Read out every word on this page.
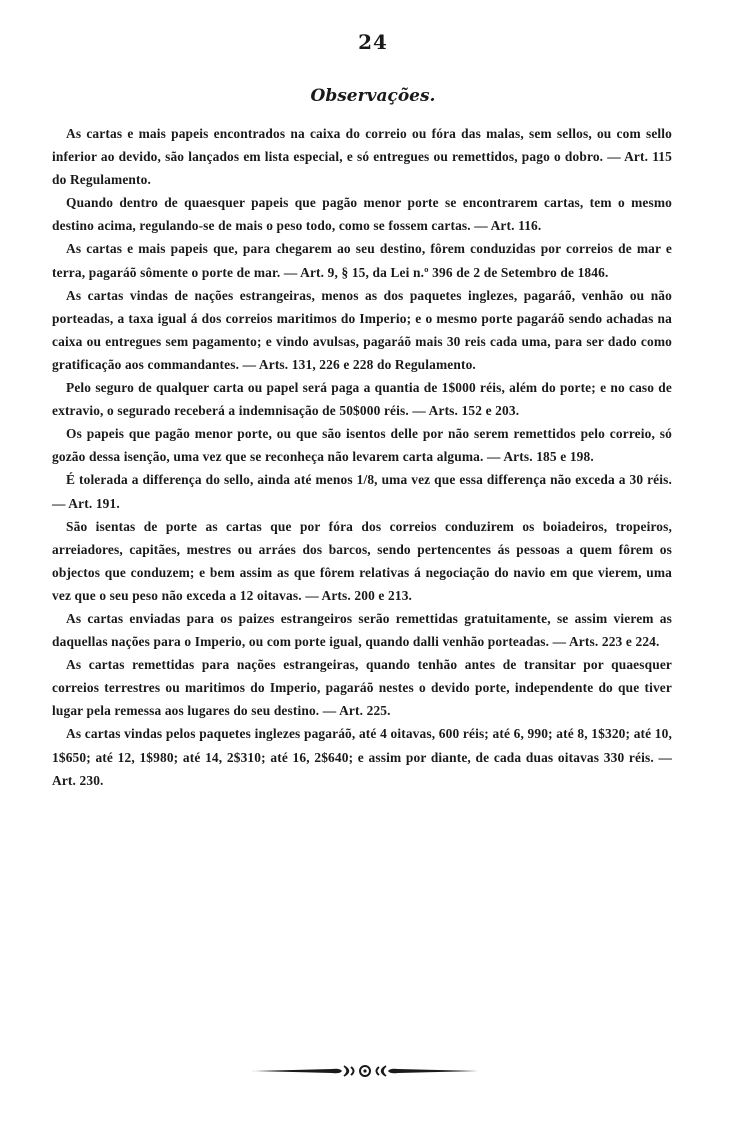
24
Observações.

As cartas e mais papeis encontrados na caixa do correio ou fóra das malas, sem sellos, ou com sello inferior ao devido, são lançados em lista especial, e só entregues ou remettidos, pago o dobro. — Art. 115 do Regulamento.

Quando dentro de quaesquer papeis que pagão menor porte se encontrarem cartas, tem o mesmo destino acima, regulando-se de mais o peso todo, como se fossem cartas. — Art. 116.

As cartas e mais papeis que, para chegarem ao seu destino, fôrem conduzidas por correios de mar e terra, pagaráõ sômente o porte de mar. — Art. 9, § 15, da Lei n.º 396 de 2 de Setembro de 1846.

As cartas vindas de nações estrangeiras, menos as dos paquetes inglezes, pagaráõ, venhão ou não porteadas, a taxa igual á dos correios maritimos do Imperio; e o mesmo porte pagaráõ sendo achadas na caixa ou entregues sem pagamento; e vindo avulsas, pagaráõ mais 30 reis cada uma, para ser dado como gratificação aos commandantes. — Arts. 131, 226 e 228 do Regulamento.

Pelo seguro de qualquer carta ou papel será paga a quantia de 1$000 réis, além do porte; e no caso de extravio, o segurado receberá a indemnisação de 50$000 réis. — Arts. 152 e 203.

Os papeis que pagão menor porte, ou que são isentos delle por não serem remettidos pelo correio, só gozão dessa isenção, uma vez que se reconheça não levarem carta alguma. — Arts. 185 e 198.

É tolerada a differença do sello, ainda até menos 1/8, uma vez que essa differença não exceda a 30 réis. — Art. 191.

São isentas de porte as cartas que por fóra dos correios conduzirem os boiadeiros, tropeiros, arreiadores, capitães, mestres ou arráes dos barcos, sendo pertencentes ás pessoas a quem fôrem os objectos que conduzem; e bem assim as que fôrem relativas á negociação do navio em que vierem, uma vez que o seu peso não exceda a 12 oitavas. — Arts. 200 e 213.

As cartas enviadas para os paizes estrangeiros serão remettidas gratuitamente, se assim vierem as daquellas nações para o Imperio, ou com porte igual, quando dalli venhão porteadas. — Arts. 223 e 224.

As cartas remettidas para nações estrangeiras, quando tenhão antes de transitar por quaesquer correios terrestres ou maritimos do Imperio, pagaráõ nestes o devido porte, independente do que tiver lugar pela remessa aos lugares do seu destino. — Art. 225.

As cartas vindas pelos paquetes inglezes pagaráõ, até 4 oitavas, 600 réis; até 6, 990; até 8, 1$320; até 10, 1$650; até 12, 1$980; até 14, 2$310; até 16, 2$640; e assim por diante, de cada duas oitavas 330 réis. — Art. 230.
